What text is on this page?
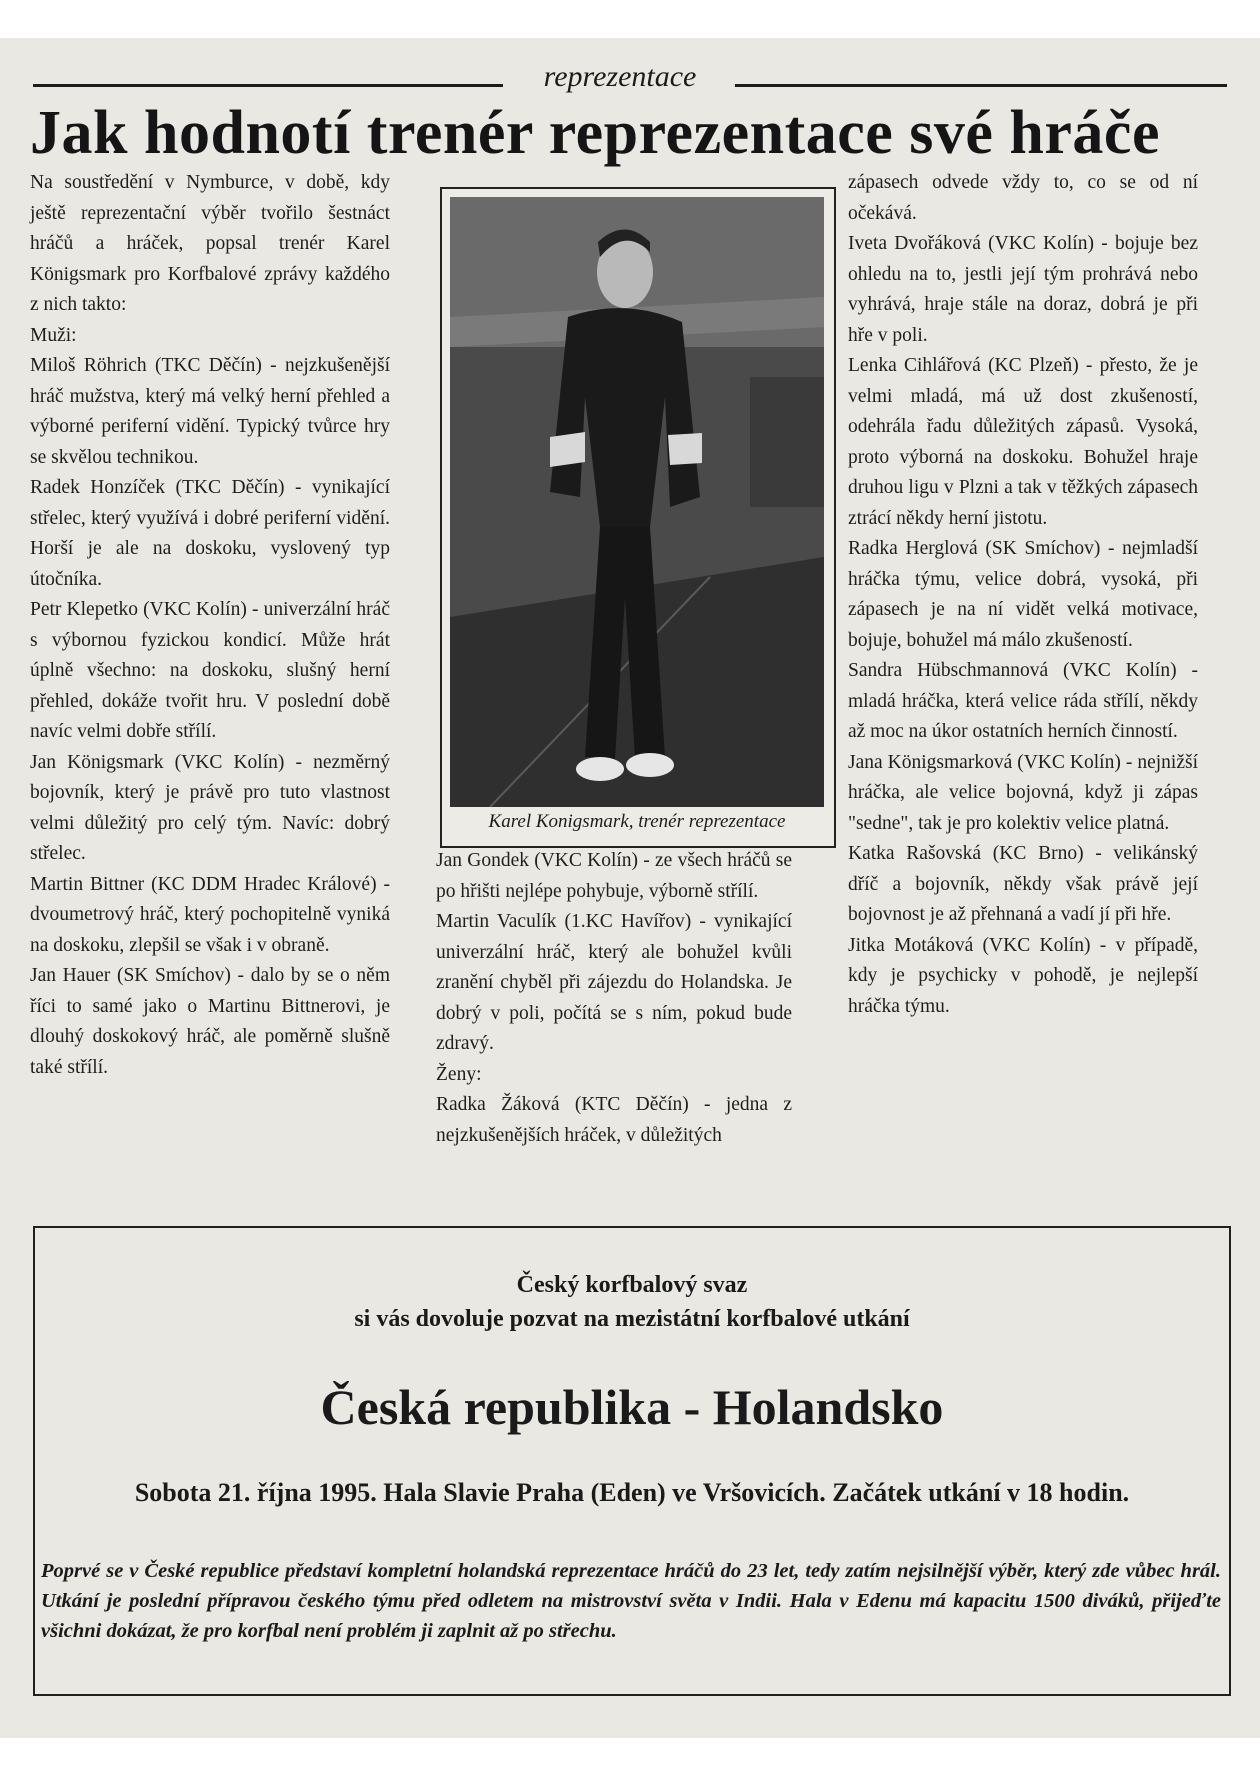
reprezentace
Jak hodnotí trenér reprezentace své hráče

Na soustředění v Nymburce, v době, kdy ještě reprezentační výběr tvořilo šestnáct hráčů a hráček, popsal trenér Karel Königsmark pro Korfbalové zprávy každého z nich takto:

Muži:

Miloš Röhrich (TKC Děčín) - nejzkušenější hráč mužstva, který má velký herní přehled a výborné periferní vidění. Typický tvůrce hry se skvělou technikou.

Radek Honzíček (TKC Děčín) - vynikající střelec, který využívá i dobré periferní vidění. Horší je ale na doskoku, vyslovený typ útočníka.

Petr Klepetko (VKC Kolín) - univerzální hráč s výbornou fyzickou kondicí. Může hrát úplně všechno: na doskoku, slušný herní přehled, dokáže tvořit hru. V poslední době navíc velmi dobře střílí.

Jan Königsmark (VKC Kolín) - nezměrný bojovník, který je právě pro tuto vlastnost velmi důležitý pro celý tým. Navíc: dobrý střelec.

Martin Bittner (KC DDM Hradec Králové) - dvoumetrový hráč, který pochopitelně vyniká na doskoku, zlepšil se však i v obraně.

Jan Hauer (SK Smíchov) - dalo by se o něm říci to samé jako o Martinu Bittnerovi, je dlouhý doskokový hráč, ale poměrně slušně také střílí.

Karel Konigsmark, trenér reprezentace

Jan Gondek (VKC Kolín) - ze všech hráčů se po hřišti nejlépe pohybuje, výborně střílí.

Martin Vaculík (1.KC Havířov) - vynikající univerzální hráč, který ale bohužel kvůli zranění chyběl při zájezdu do Holandska. Je dobrý v poli, počítá se s ním, pokud bude zdravý.

Ženy:

Radka Žáková (KTC Děčín) - jedna z nejzkušenějších hráček, v důležitých

zápasech odvede vždy to, co se od ní očekává.

Iveta Dvořáková (VKC Kolín) - bojuje bez ohledu na to, jestli její tým prohrává nebo vyhrává, hraje stále na doraz, dobrá je při hře v poli.

Lenka Cihlářová (KC Plzeň) - přesto, že je velmi mladá, má už dost zkušeností, odehrála řadu důležitých zápasů. Vysoká, proto výborná na doskoku. Bohužel hraje druhou ligu v Plzni a tak v těžkých zápasech ztrácí někdy herní jistotu.

Radka Herglová (SK Smíchov) - nejmladší hráčka týmu, velice dobrá, vysoká, při zápasech je na ní vidět velká motivace, bojuje, bohužel má málo zkušeností.

Sandra Hübschmannová (VKC Kolín) - mladá hráčka, která velice ráda střílí, někdy až moc na úkor ostatních herních činností.

Jana Königsmarková (VKC Kolín) - nejnižší hráčka, ale velice bojovná, když ji zápas "sedne", tak je pro kolektiv velice platná.

Katka Rašovská (KC Brno) - velikánský dříč a bojovník, někdy však právě její bojovnost je až přehnaná a vadí jí při hře.

Jitka Motáková (VKC Kolín) - v případě, kdy je psychicky v pohodě, je nejlepší hráčka týmu.

Český korfbalový svaz
si vás dovoluje pozvat na mezistátní korfbalové utkání
Česká republika - Holandsko
Sobota 21. října 1995. Hala Slavie Praha (Eden) ve Vršovicích. Začátek utkání v 18 hodin.
Poprvé se v České republice představí kompletní holandská reprezentace hráčů do 23 let, tedy zatím nejsilnější výběr, který zde vůbec hrál. Utkání je poslední přípravou českého týmu před odletem na mistrovství světa v Indii. Hala v Edenu má kapacitu 1500 diváků, přijeďte všichni dokázat, že pro korfbal není problém ji zaplnit až po střechu.
